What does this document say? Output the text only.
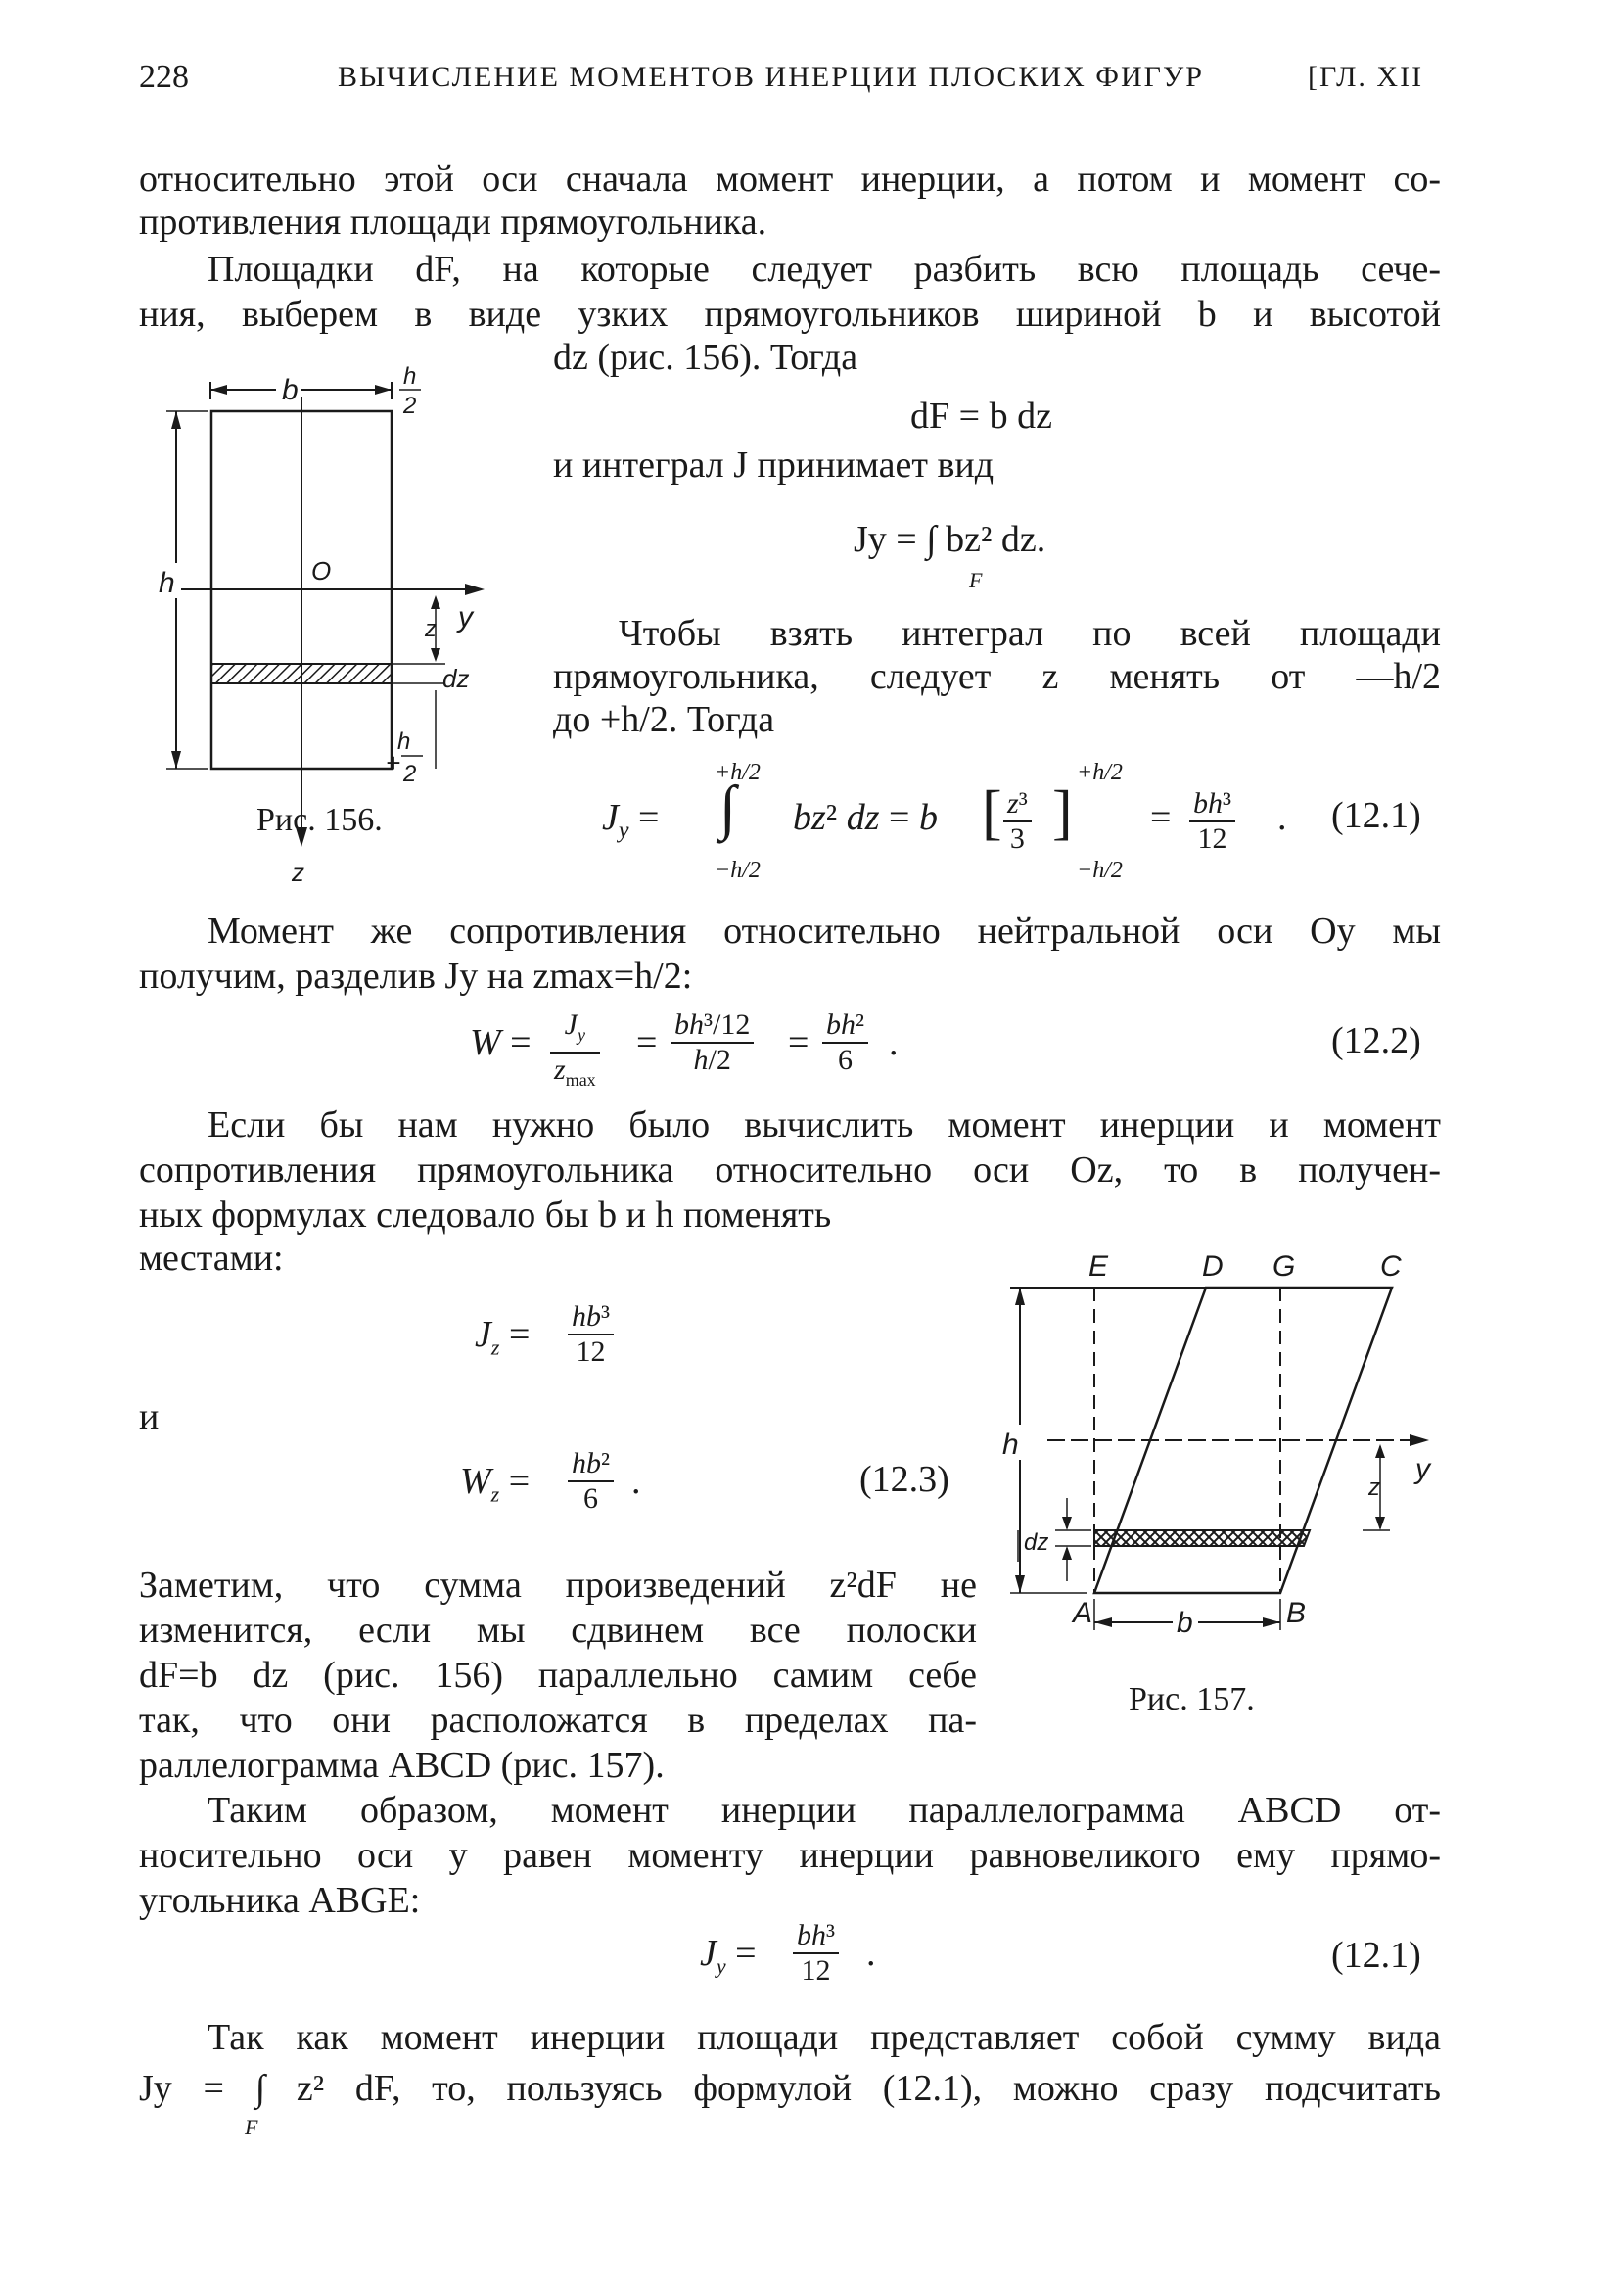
228	ВЫЧИСЛЕНИЕ МОМЕНТОВ ИНЕРЦИИ ПЛОСКИХ ФИГУР	[ГЛ. XII
относительно этой оси сначала момент инерции, а потом и момент со-
противления площади прямоугольника.
Площадки dF, на которые следует разбить всю площадь сече-
ния, выберем в виде узких прямоугольников шириной b и высотой
dz (рис. 156). Тогда
dF = b dz
и интеграл J принимает вид
Jy = ∫ bz² dz.
F
Чтобы взять интеграл по всей площади
прямоугольника, следует z менять от —h/2
до +h/2. Тогда
+h/2
$J_y$ = ∫
−h/2
bz² dz = b [ $\frac{\text{z³}}{3}$ ]
+h/2
−h/2
= $\frac{\text{bh³}}{12}$ . (12.1)
b	h
2
h
z
O
y
z
dz
h
+ 2
Рис. 156.
Момент же сопротивления относительно нейтральной оси Oy мы
получим, разделив Jy на zmax=h/2:
W =	$J_y$
$z_{max}$
= $\frac{\text{bh³/12}}{h/2} = \frac{\text{bh²}}{6}$ .	(12.2)
Если бы нам нужно было вычислить момент инерции и момент
сопротивления прямоугольника относительно оси Oz, то в получен-
ных формулах следовало бы b и h поменять
местами:
$J_z = \frac{\text{hb³}}{12}$
и
$W_z = \frac{\text{hb²}}{6}$ .	(12.3)
E	D G	C
h
y
dz
z
b
A	B
Рис. 157.
Заметим, что сумма произведений z²dF не
изменится, если мы сдвинем все полоски
dF=b dz (рис. 156) параллельно самим себе
так, что они расположатся в пределах па-
раллелограмма ABCD (рис. 157).
Таким образом, момент инерции параллелограмма ABCD от-
носительно оси y равен моменту инерции равновеликого ему прямо-
угольника ABGE:
$J_y = \frac{\text{bh³}}{12}$ .	(12.1)
Так как момент инерции площади представляет собой сумму вида
Jy = ∫ z² dF, то, пользуясь формулой (12.1), можно сразу подсчитать
F
